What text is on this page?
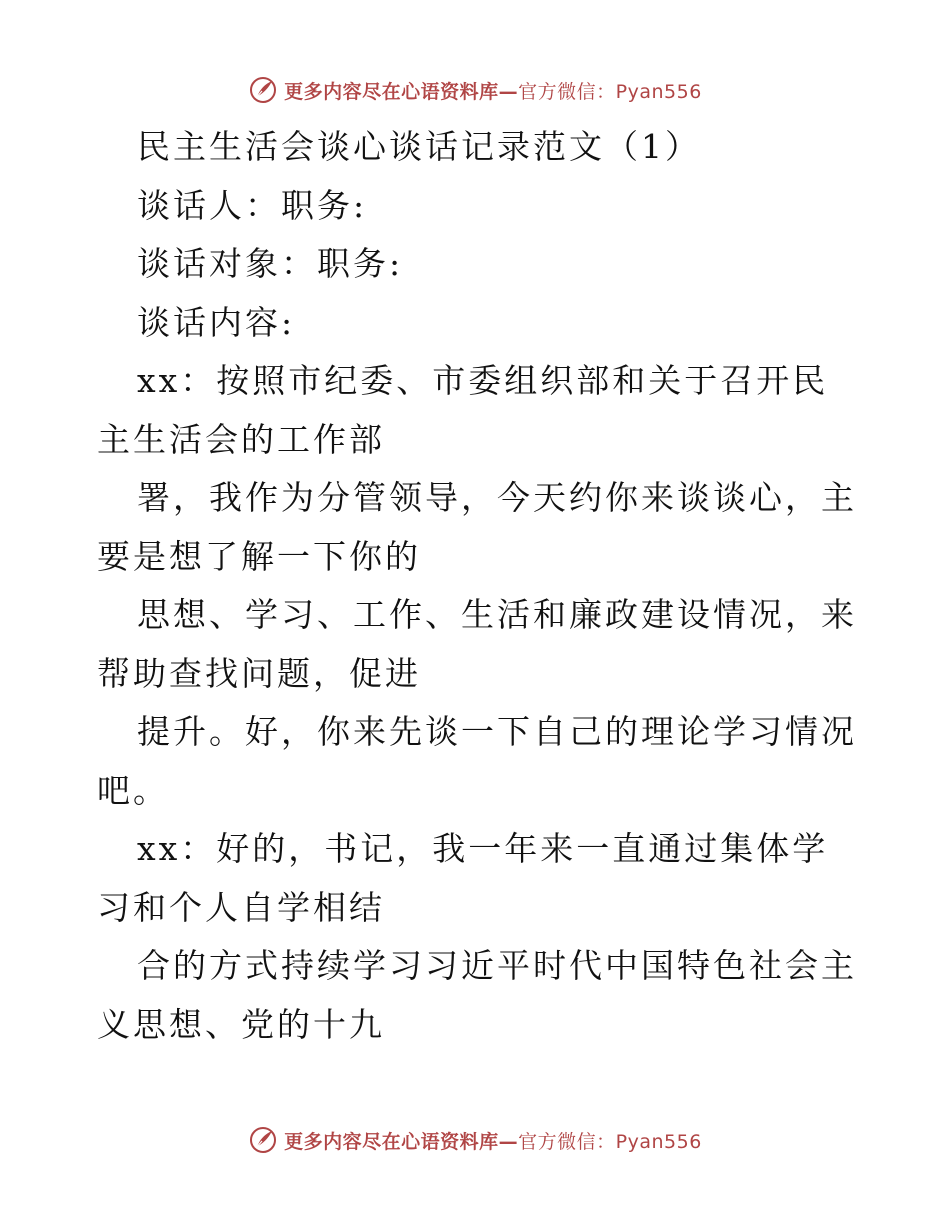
更多内容尽在心语资料库—官方微信：Pyan556

民主生活会谈心谈话记录范文（1）

谈话人：职务:

谈话对象：职务:

谈话内容:

xx：按照市纪委、市委组织部和关于召开民主生活会的工作部

署，我作为分管领导，今天约你来谈谈心，主要是想了解一下你的

思想、学习、工作、生活和廉政建设情况，来帮助查找问题，促进

提升。好，你来先谈一下自己的理论学习情况吧。

xx：好的，书记，我一年来一直通过集体学习和个人自学相结

合的方式持续学习习近平时代中国特色社会主义思想、党的十九

更多内容尽在心语资料库—官方微信：Pyan556
